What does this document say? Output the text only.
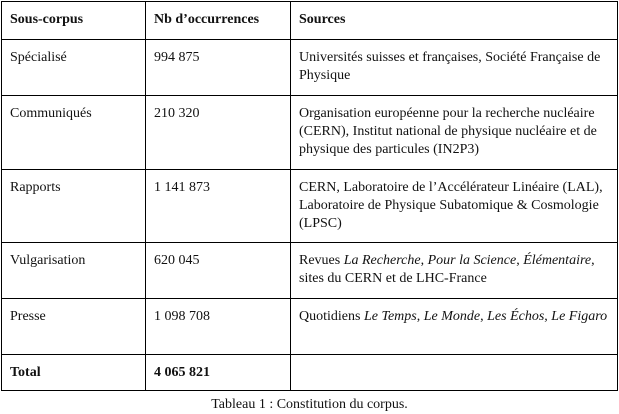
Sous-corpus	Nb d’occurrences	Sources
Spécialisé	994 875	Universités suisses et françaises, Société Française de Physique
Communiqués	210 320	Organisation européenne pour la recherche nucléaire (CERN), Institut national de physique nucléaire et de physique des particules (IN2P3)
Rapports	1 141 873	CERN, Laboratoire de l’Accélérateur Linéaire (LAL), Laboratoire de Physique Subatomique & Cosmologie (LPSC)
Vulgarisation	620 045	Revues La Recherche, Pour la Science, Élémentaire, sites du CERN et de LHC-France
Presse	1 098 708	Quotidiens Le Temps, Le Monde, Les Échos, Le Figaro
Total	4 065 821	
Tableau 1 : Constitution du corpus.
